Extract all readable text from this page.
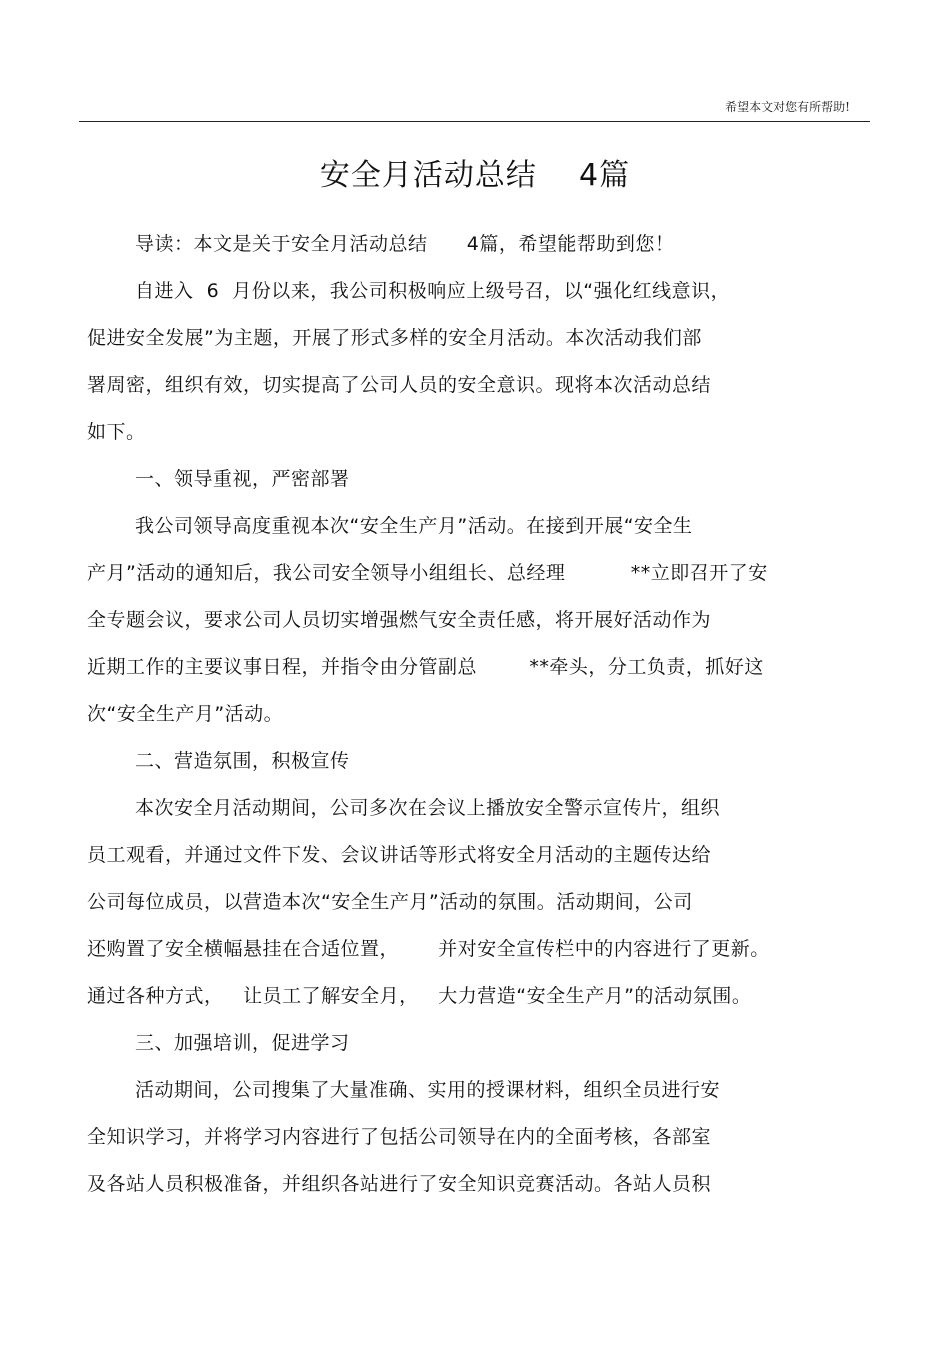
希望本文对您有所帮助!
安全月活动总结    4篇
导读：本文是关于安全月活动总结      4篇，希望能帮助到您！
自进入  6  月份以来，我公司积极响应上级号召，以“强化红线意识，
促进安全发展”为主题，开展了形式多样的安全月活动。本次活动我们部
署周密，组织有效，切实提高了公司人员的安全意识。现将本次活动总结
如下。
一、领导重视，严密部署
我公司领导高度重视本次“安全生产月”活动。在接到开展“安全生
产月”活动的通知后，我公司安全领导小组组长、总经理          **立即召开了安
全专题会议，要求公司人员切实增强燃气安全责任感，将开展好活动作为
近期工作的主要议事日程，并指令由分管副总        **牵头，分工负责，抓好这
次“安全生产月”活动。
二、营造氛围，积极宣传
本次安全月活动期间，公司多次在会议上播放安全警示宣传片，组织
员工观看，并通过文件下发、会议讲话等形式将安全月活动的主题传达给
公司每位成员，以营造本次“安全生产月”活动的氛围。活动期间，公司
还购置了安全横幅悬挂在合适位置，      并对安全宣传栏中的内容进行了更新。
通过各种方式，   让员工了解安全月，   大力营造“安全生产月”的活动氛围。
三、加强培训，促进学习
活动期间，公司搜集了大量准确、实用的授课材料，组织全员进行安
全知识学习，并将学习内容进行了包括公司领导在内的全面考核，各部室
及各站人员积极准备，并组织各站进行了安全知识竞赛活动。各站人员积
